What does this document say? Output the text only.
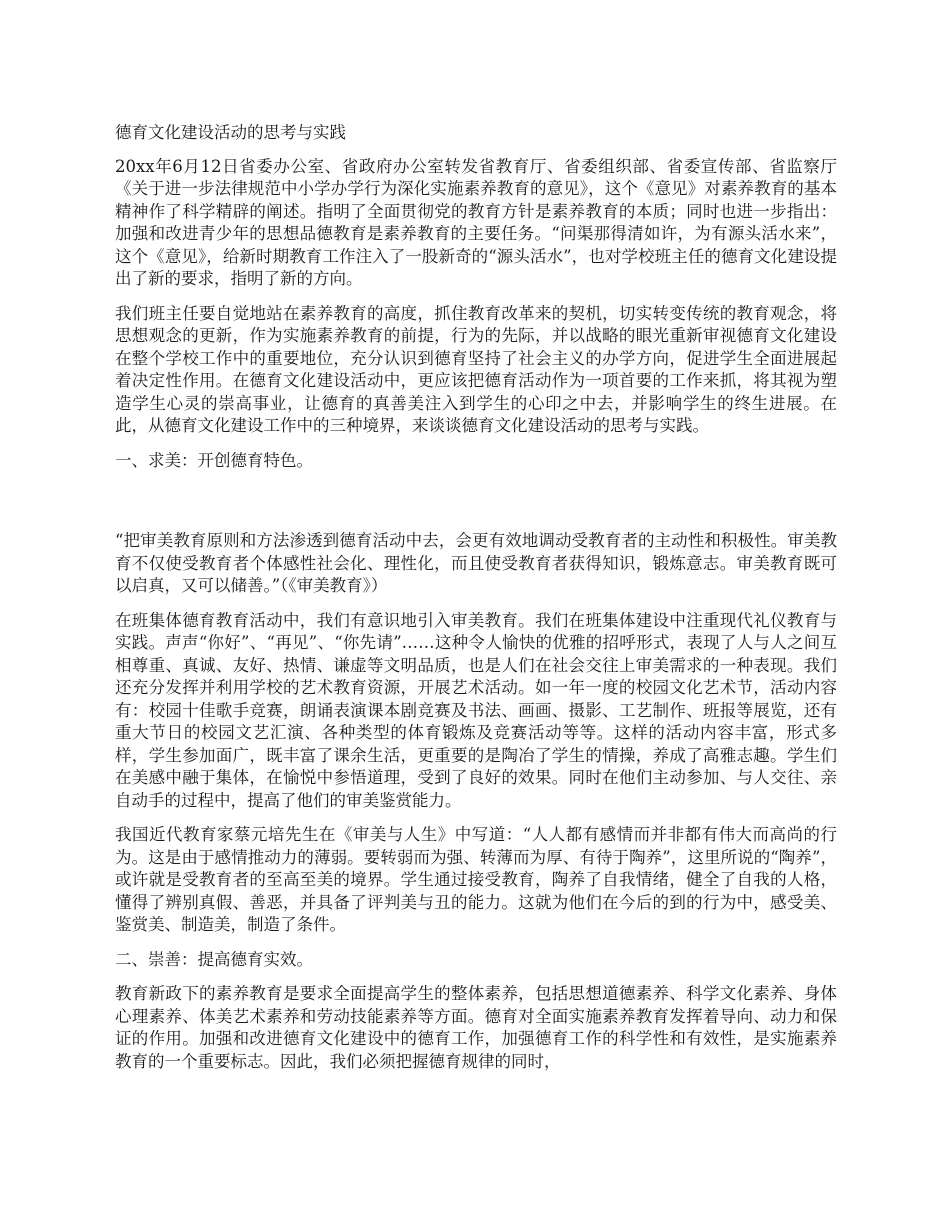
德育文化建设活动的思考与实践

20xx年6月12日省委办公室、省政府办公室转发省教育厅、省委组织部、省委宣传部、省监察厅《关于进一步法律规范中小学办学行为深化实施素养教育的意见》，这个《意见》对素养教育的基本精神作了科学精辟的阐述。指明了全面贯彻党的教育方针是素养教育的本质；同时也进一步指出：加强和改进青少年的思想品德教育是素养教育的主要任务。“问渠那得清如许，为有源头活水来”，这个《意见》，给新时期教育工作注入了一股新奇的“源头活水”，也对学校班主任的德育文化建设提出了新的要求，指明了新的方向。

我们班主任要自觉地站在素养教育的高度，抓住教育改革来的契机，切实转变传统的教育观念，将思想观念的更新，作为实施素养教育的前提，行为的先际，并以战略的眼光重新审视德育文化建设在整个学校工作中的重要地位，充分认识到德育坚持了社会主义的办学方向，促进学生全面进展起着决定性作用。在德育文化建设活动中，更应该把德育活动作为一项首要的工作来抓，将其视为塑造学生心灵的崇高事业，让德育的真善美注入到学生的心印之中去，并影响学生的终生进展。在此，从德育文化建设工作中的三种境界，来谈谈德育文化建设活动的思考与实践。

一、求美：开创德育特色。

“把审美教育原则和方法渗透到德育活动中去，会更有效地调动受教育者的主动性和积极性。审美教育不仅使受教育者个体感性社会化、理性化，而且使受教育者获得知识，锻炼意志。审美教育既可以启真，又可以储善。”（《审美教育》）

在班集体德育教育活动中，我们有意识地引入审美教育。我们在班集体建设中注重现代礼仪教育与实践。声声“你好”、“再见”、“你先请”……这种令人愉快的优雅的招呼形式，表现了人与人之间互相尊重、真诚、友好、热情、谦虚等文明品质，也是人们在社会交往上审美需求的一种表现。我们还充分发挥并利用学校的艺术教育资源，开展艺术活动。如一年一度的校园文化艺术节，活动内容有：校园十佳歌手竞赛，朗诵表演课本剧竞赛及书法、画画、摄影、工艺制作、班报等展览，还有重大节日的校园文艺汇演、各种类型的体育锻炼及竞赛活动等等。这样的活动内容丰富，形式多样，学生参加面广，既丰富了课余生活，更重要的是陶冶了学生的情操，养成了高雅志趣。学生们在美感中融于集体，在愉悦中参悟道理，受到了良好的效果。同时在他们主动参加、与人交往、亲自动手的过程中，提高了他们的审美鉴赏能力。

我国近代教育家蔡元培先生在《审美与人生》中写道：“人人都有感情而并非都有伟大而高尚的行为。这是由于感情推动力的薄弱。要转弱而为强、转薄而为厚、有待于陶养”，这里所说的“陶养”，或许就是受教育者的至高至美的境界。学生通过接受教育，陶养了自我情绪，健全了自我的人格，懂得了辨别真假、善恶，并具备了评判美与丑的能力。这就为他们在今后的到的行为中，感受美、鉴赏美、制造美，制造了条件。

二、崇善：提高德育实效。

教育新政下的素养教育是要求全面提高学生的整体素养，包括思想道德素养、科学文化素养、身体心理素养、体美艺术素养和劳动技能素养等方面。德育对全面实施素养教育发挥着导向、动力和保证的作用。加强和改进德育文化建设中的德育工作，加强德育工作的科学性和有效性，是实施素养教育的一个重要标志。因此，我们必须把握德育规律的同时，
